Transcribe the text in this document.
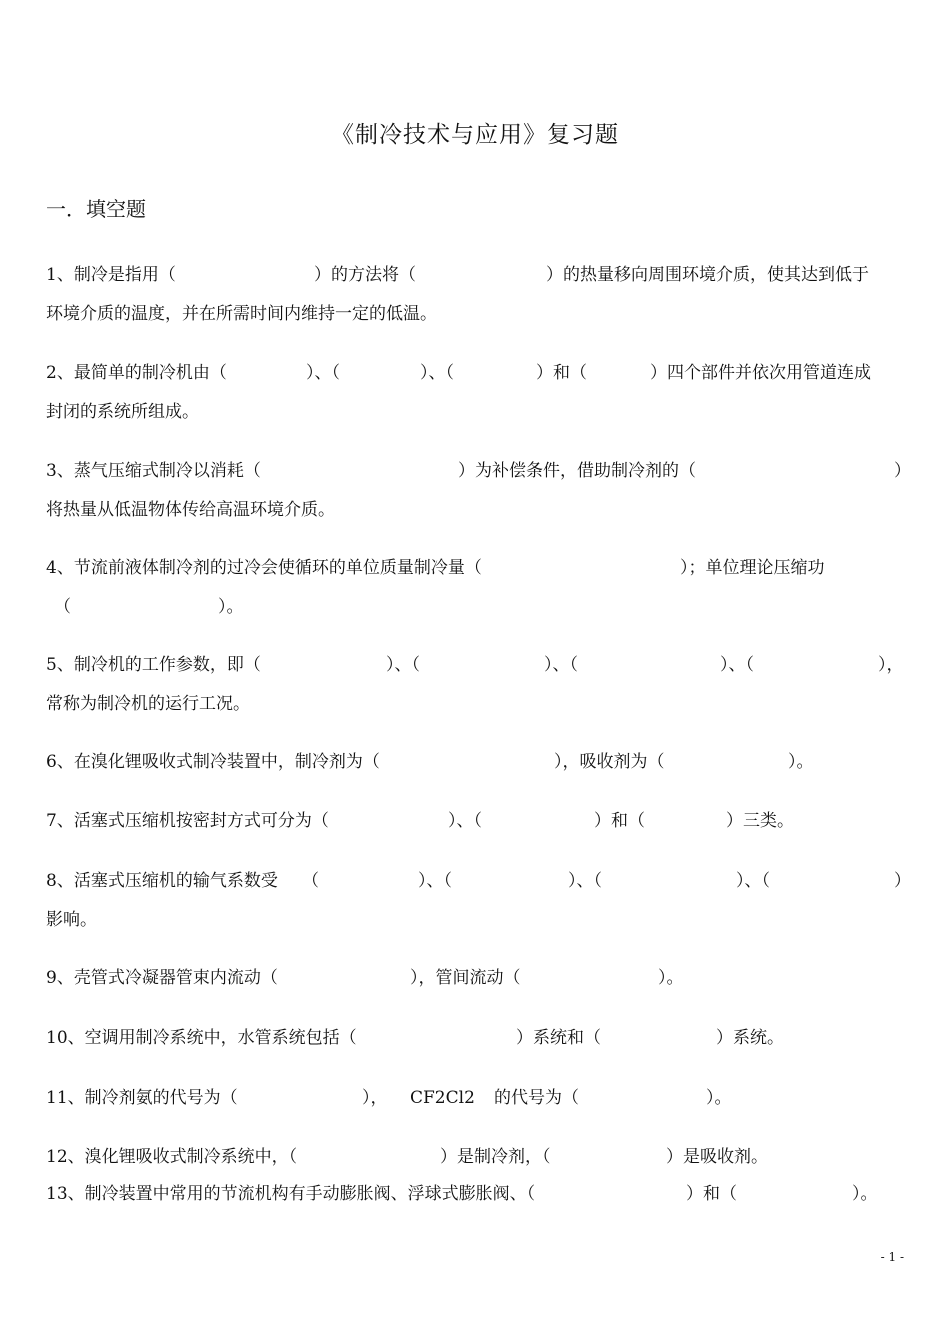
《制冷技术与应用》复习题
一．填空题
1、制冷是指用（	）的方法将（	）的热量移向周围环境介质，使其达到低于
环境介质的温度，并在所需时间内维持一定的低温。
2、最简单的制冷机由（	）、（	）、（	）和（	）四个部件并依次用管道连成
封闭的系统所组成。
3、蒸气压缩式制冷以消耗（	）为补偿条件，借助制冷剂的（	）
将热量从低温物体传给高温环境介质。
4、节流前液体制冷剂的过冷会使循环的单位质量制冷量（	）；单位理论压缩功
（	）。
5、制冷机的工作参数，即（	）、（	）、（	）、（	），
常称为制冷机的运行工况。
6、在溴化锂吸收式制冷装置中，制冷剂为（	），吸收剂为（	）。
7、活塞式压缩机按密封方式可分为（	）、（	）和（	）三类。
8、活塞式压缩机的输气系数受 （	）、（	）、（	）、（	）
影响。
9、壳管式冷凝器管束内流动（	），管间流动（	）。
10、空调用制冷系统中，水管系统包括（	）系统和（	）系统。
11、制冷剂氨的代号为（	）， CF2Cl2 的代号为（	）。
12、溴化锂吸收式制冷系统中，（	）是制冷剂，（	）是吸收剂。
13、制冷装置中常用的节流机构有手动膨胀阀、浮球式膨胀阀、（	）和（	）。
- 1 -
